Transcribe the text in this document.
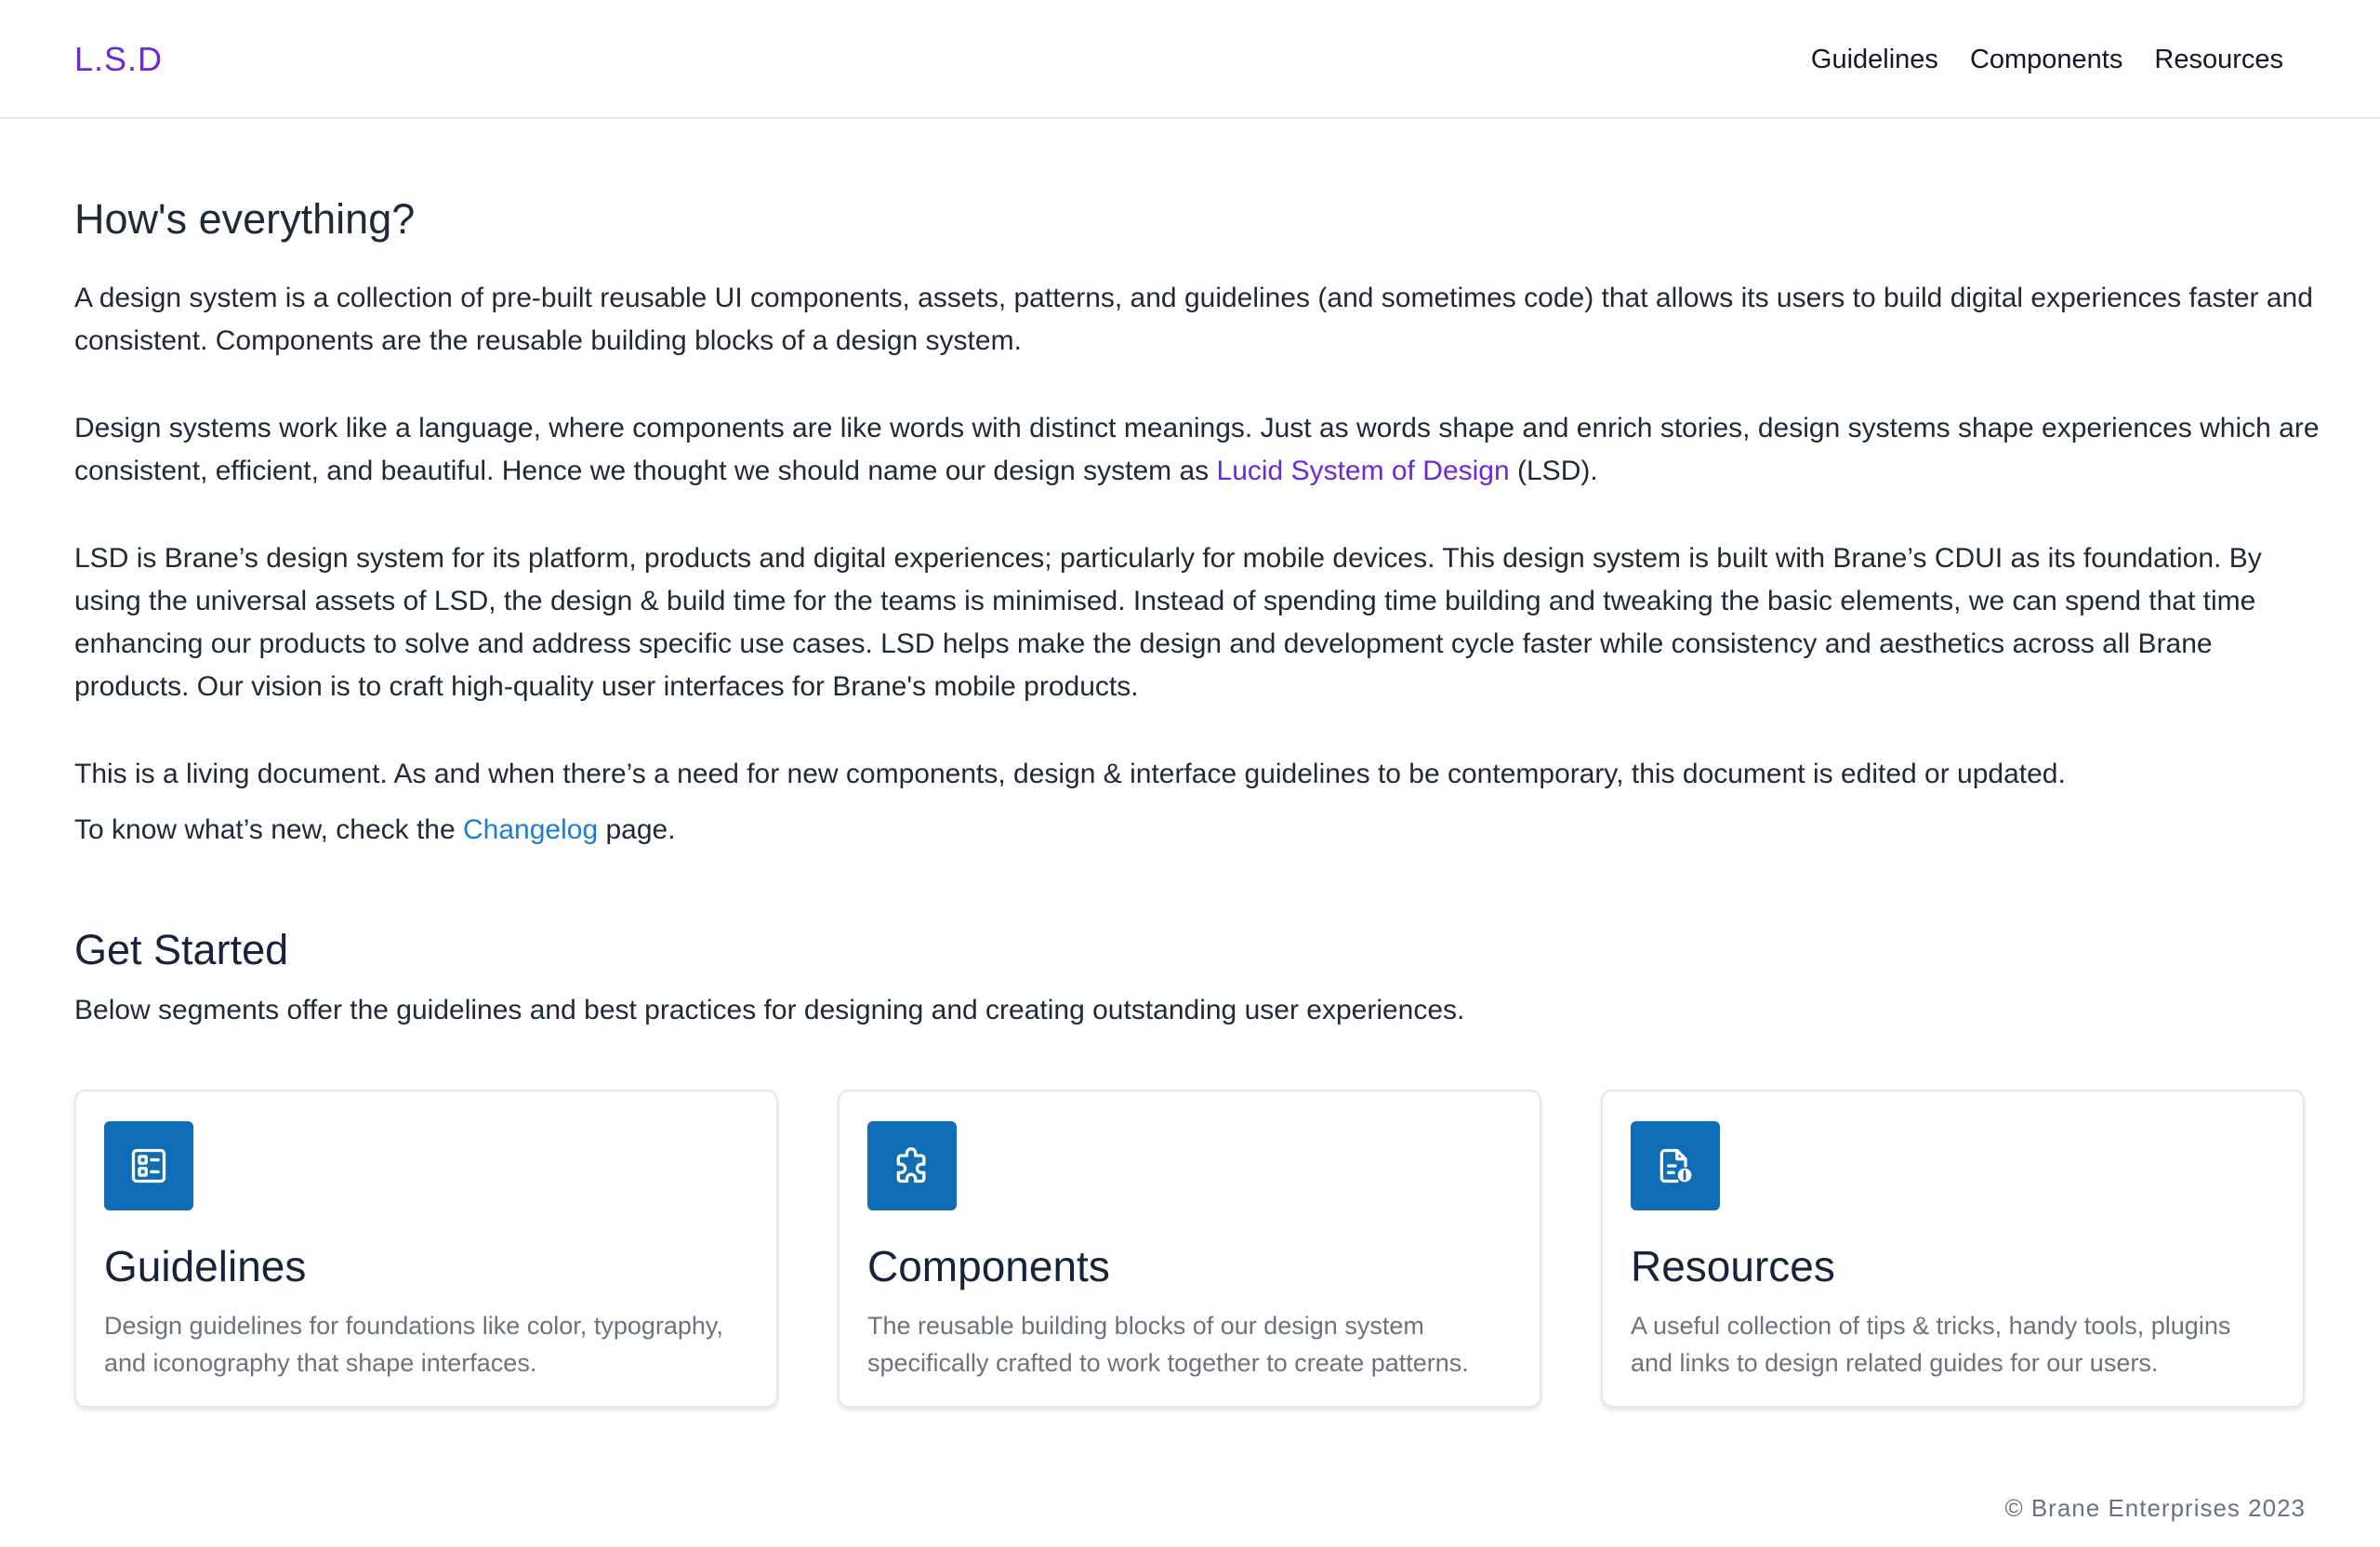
L.S.D	Guidelines Components Resources
How's everything?

A design system is a collection of pre-built reusable UI components, assets, patterns, and guidelines (and sometimes code) that allows its users to build digital experiences faster and consistent. Components are the reusable building blocks of a design system.

Design systems work like a language, where components are like words with distinct meanings. Just as words shape and enrich stories, design systems shape experiences which are consistent, efficient, and beautiful. Hence we thought we should name our design system as Lucid System of Design (LSD).

LSD is Brane’s design system for its platform, products and digital experiences; particularly for mobile devices. This design system is built with Brane’s CDUI as its foundation. By using the universal assets of LSD, the design & build time for the teams is minimised. Instead of spending time building and tweaking the basic elements, we can spend that time enhancing our products to solve and address specific use cases. LSD helps make the design and development cycle faster while consistency and aesthetics across all Brane products. Our vision is to craft high-quality user interfaces for Brane's mobile products.

This is a living document. As and when there’s a need for new components, design & interface guidelines to be contemporary, this document is edited or updated.

To know what’s new, check the Changelog page.

Get Started

Below segments offer the guidelines and best practices for designing and creating outstanding user experiences.

Guidelines

Design guidelines for foundations like color, typography, and iconography that shape interfaces.

Components

The reusable building blocks of our design system specifically crafted to work together to create patterns.

Resources

A useful collection of tips & tricks, handy tools, plugins and links to design related guides for our users.

© Brane Enterprises 2023
